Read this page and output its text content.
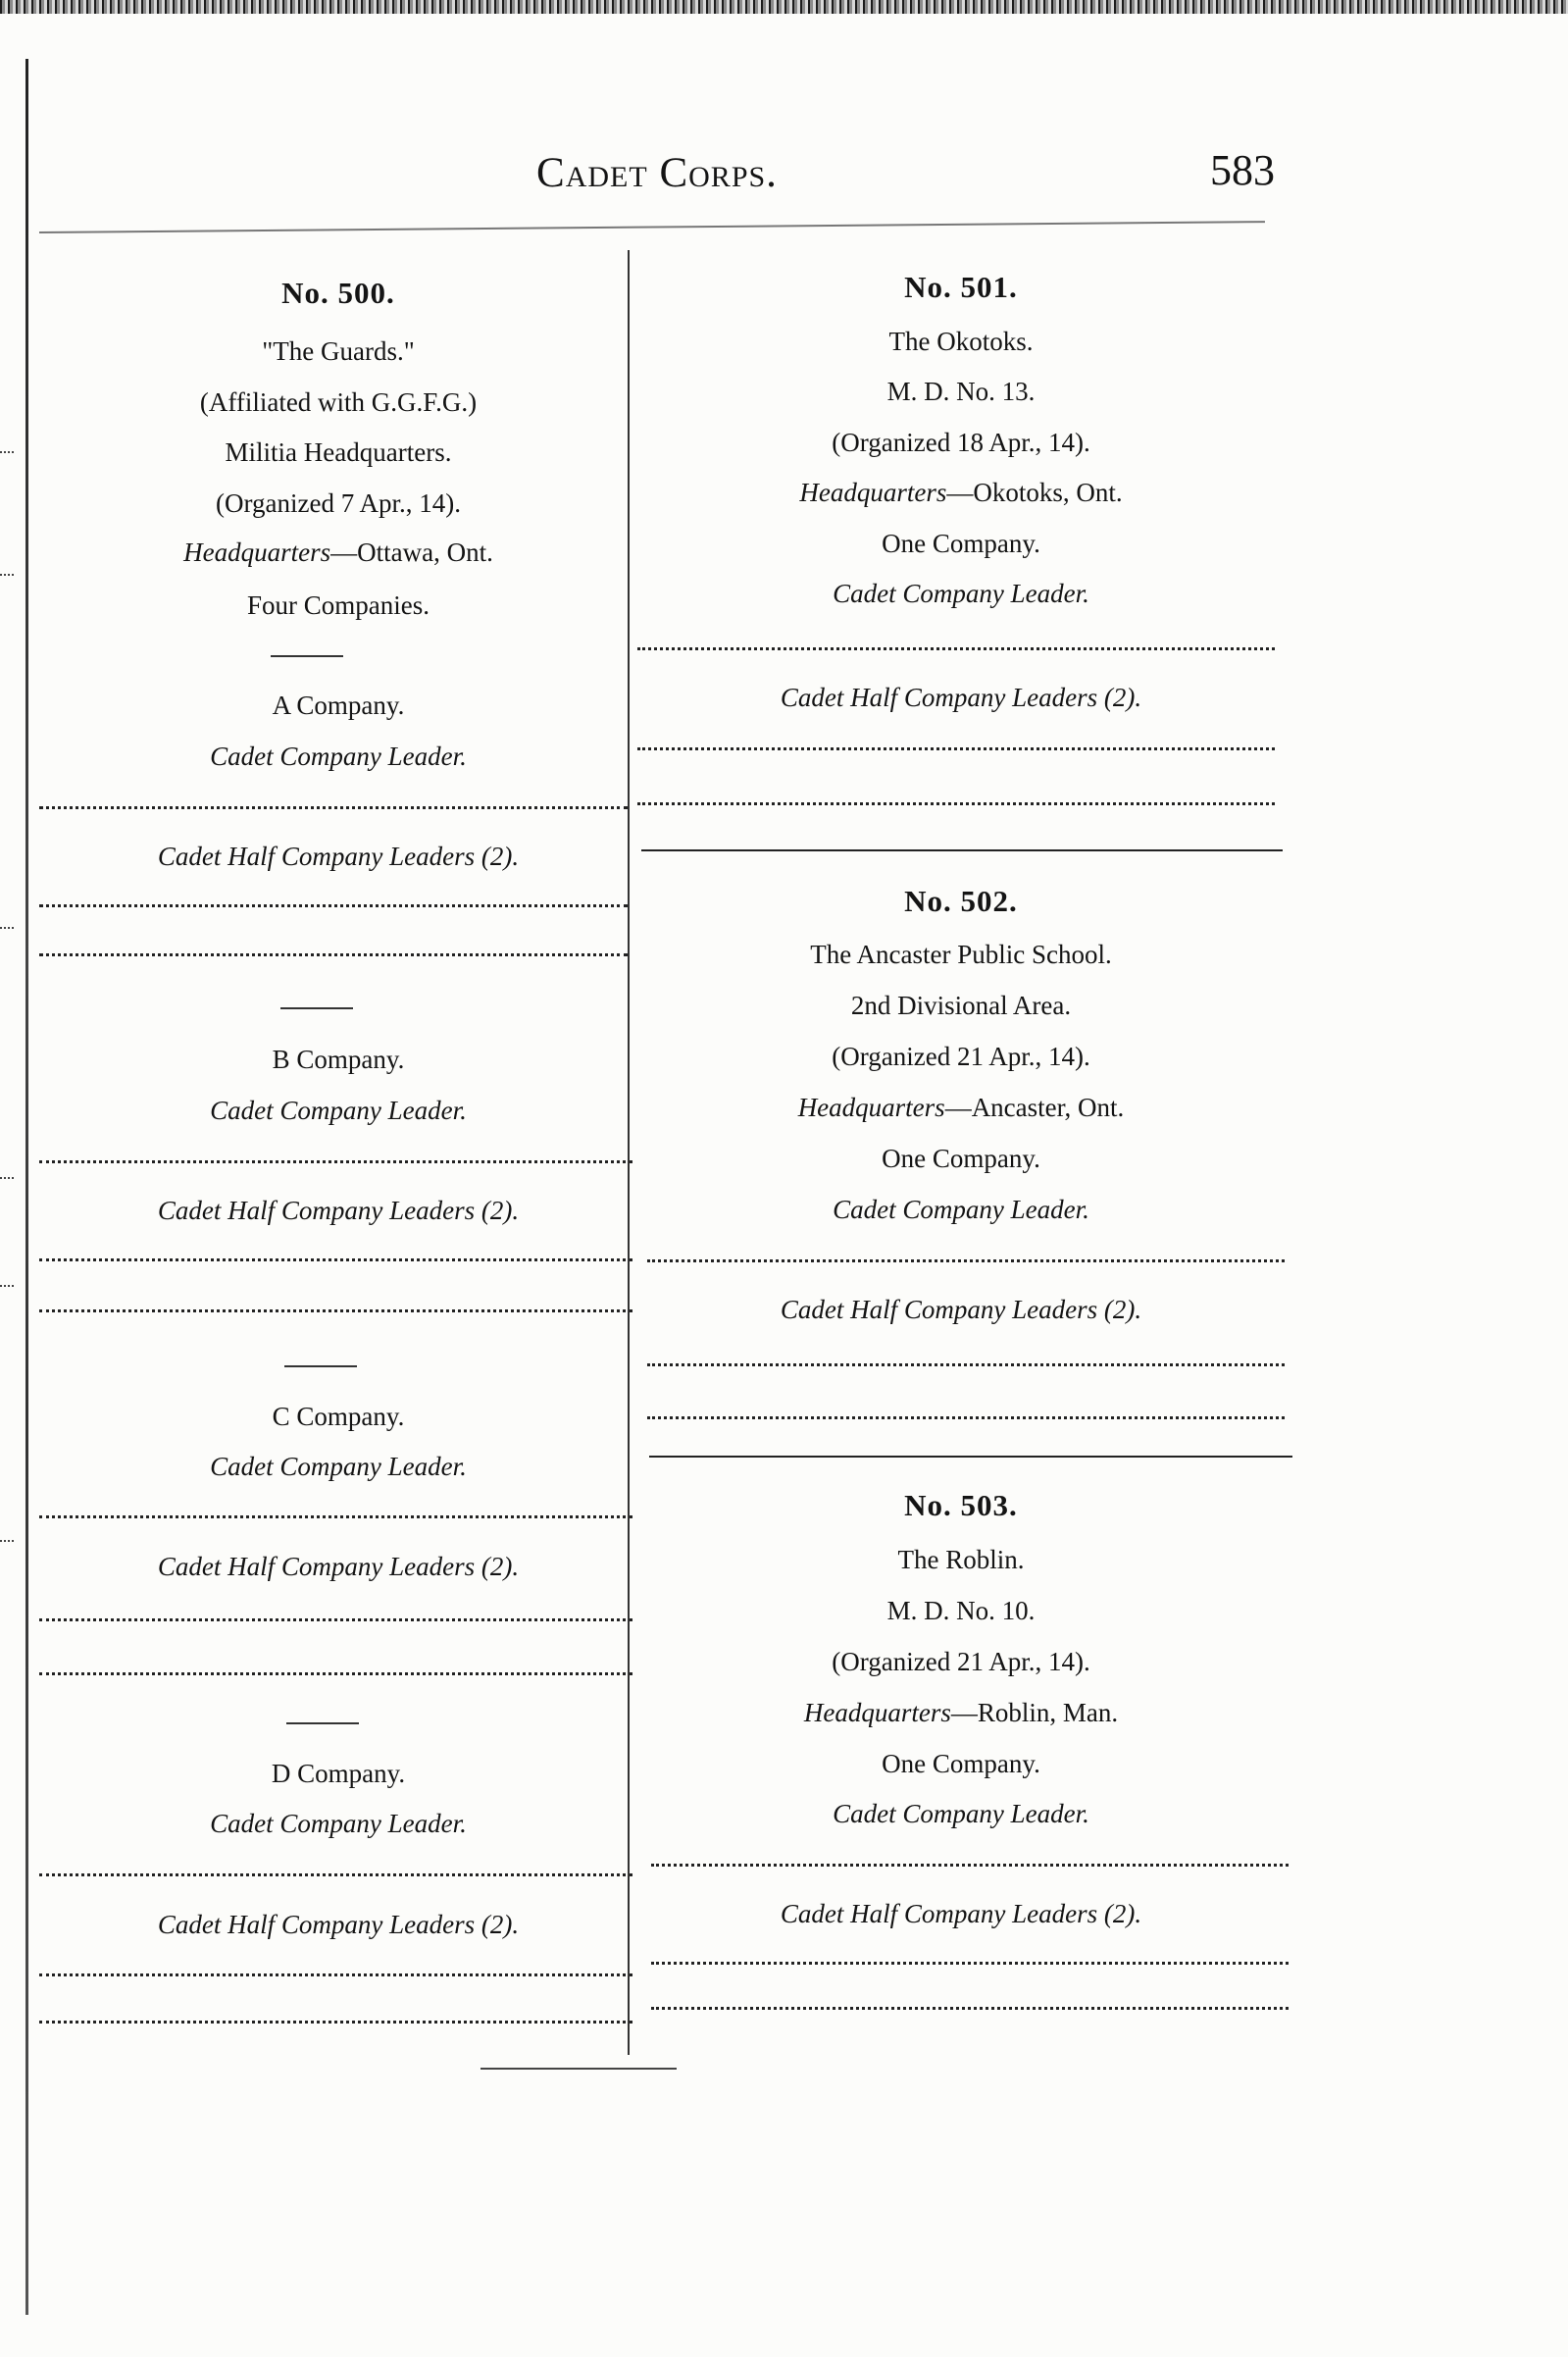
Cadet Corps.	583
No. 500.
"The Guards."
(Affiliated with G.G.F.G.)
Militia Headquarters.
(Organized 7 Apr., 14).
Headquarters—Ottawa, Ont.
Four Companies.
A Company.
Cadet Company Leader.
Cadet Half Company Leaders (2).
B Company.
Cadet Company Leader.
Cadet Half Company Leaders (2).
C Company.
Cadet Company Leader.
Cadet Half Company Leaders (2).
D Company.
Cadet Company Leader.
Cadet Half Company Leaders (2).
No. 501.
The Okotoks.
M. D. No. 13.
(Organized 18 Apr., 14).
Headquarters—Okotoks, Ont.
One Company.
Cadet Company Leader.
Cadet Half Company Leaders (2).
No. 502.
The Ancaster Public School.
2nd Divisional Area.
(Organized 21 Apr., 14).
Headquarters—Ancaster, Ont.
One Company.
Cadet Company Leader.
Cadet Half Company Leaders (2).
No. 503.
The Roblin.
M. D. No. 10.
(Organized 21 Apr., 14).
Headquarters—Roblin, Man.
One Company.
Cadet Company Leader.
Cadet Half Company Leaders (2).
